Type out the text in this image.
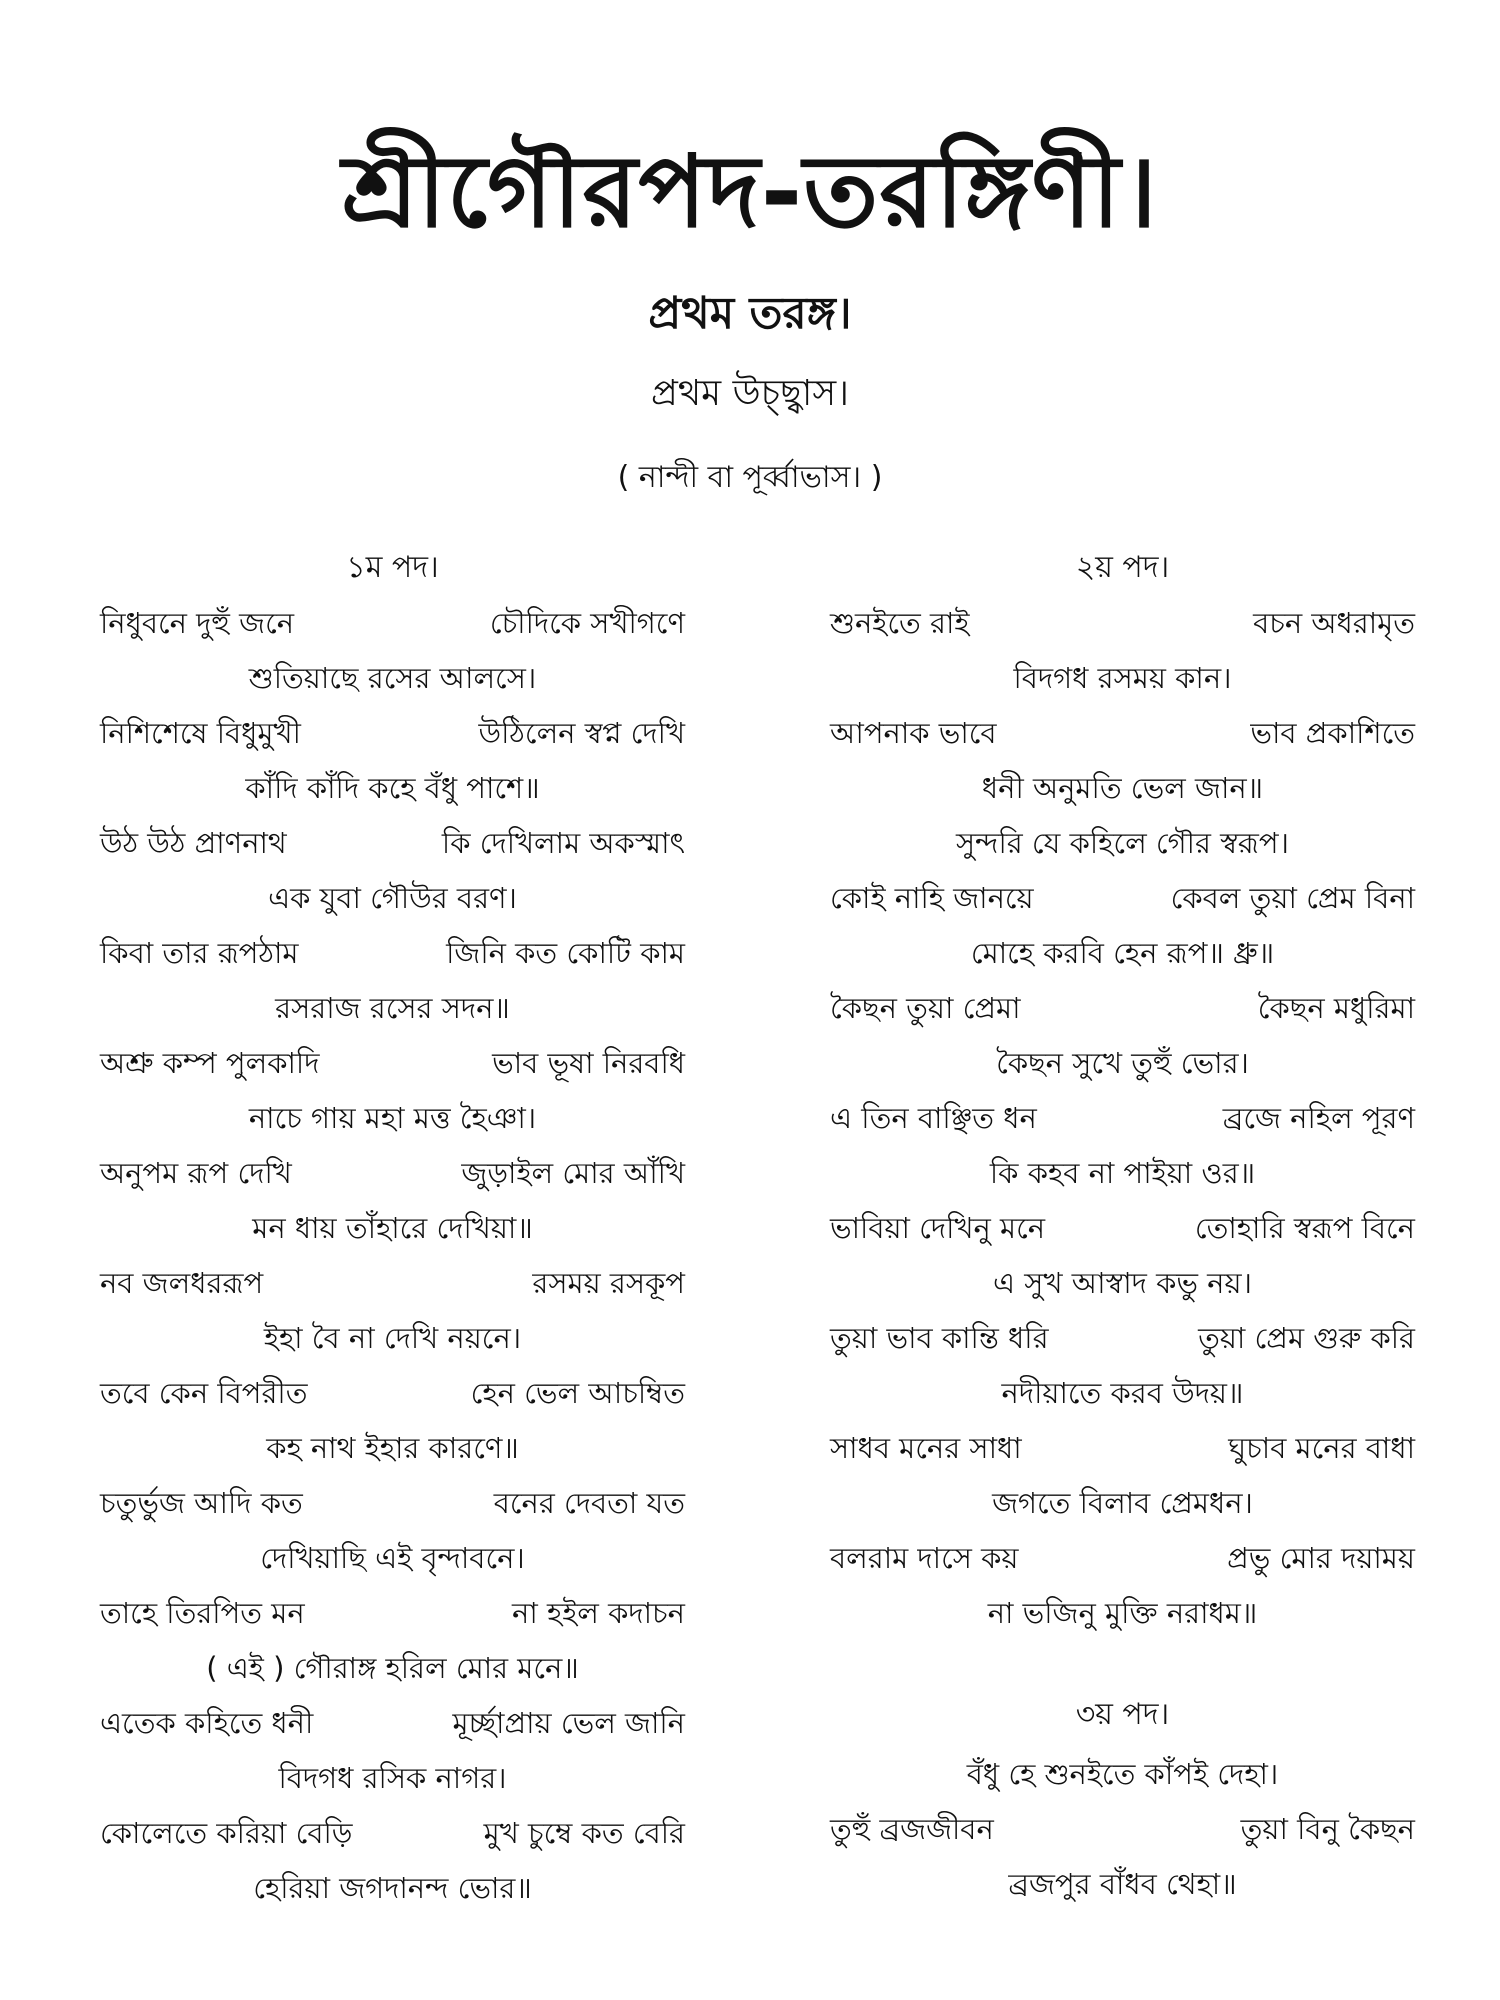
শ্রীগৌরপদ-তরঙ্গিণী।
প্রথম তরঙ্গ।
প্রথম উচ্ছ্বাস।
( নান্দী বা পূর্ব্বাভাস। )
১ম পদ।
নিধুবনে দুহুঁ জনে	চৌদিকে সখীগণে
শুতিয়াছে রসের আলসে।
নিশিশেষে বিধুমুখী	উঠিলেন স্বপ্ন দেখি
কাঁদি কাঁদি কহে বঁধু পাশে॥
উঠ উঠ প্রাণনাথ	কি দেখিলাম অকস্মাৎ
এক যুবা গৌউর বরণ।
কিবা তার রূপঠাম	জিনি কত কোটি কাম
রসরাজ রসের সদন॥
অশ্রু কম্প পুলকাদি	ভাব ভূষা নিরবধি
নাচে গায় মহা মত্ত হৈঞা।
অনুপম রূপ দেখি	জুড়াইল মোর আঁখি
মন ধায় তাঁহারে দেখিয়া॥
নব জলধররূপ	রসময় রসকূপ
ইহা বৈ না দেখি নয়নে।
তবে কেন বিপরীত	হেন ভেল আচম্বিত
কহ নাথ ইহার কারণে॥
চতুর্ভুজ আদি কত	বনের দেবতা যত
দেখিয়াছি এই বৃন্দাবনে।
তাহে তিরপিত মন	না হইল কদাচন
( এই ) গৌরাঙ্গ হরিল মোর মনে॥
এতেক কহিতে ধনী	মূর্চ্ছাপ্রায় ভেল জানি
বিদগধ রসিক নাগর।
কোলেতে করিয়া বেড়ি	মুখ চুম্বে কত বেরি
হেরিয়া জগদানন্দ ভোর॥
২য় পদ।
শুনইতে রাই	বচন অধরামৃত
বিদগধ রসময় কান।
আপনাক ভাবে	ভাব প্রকাশিতে
ধনী অনুমতি ভেল জান॥
সুন্দরি যে কহিলে গৌর স্বরূপ।
কোই নাহি জানয়ে	কেবল তুয়া প্রেম বিনা
মোহে করবি হেন রূপ॥ ধ্রু॥
কৈছন তুয়া প্রেমা	কৈছন মধুরিমা
কৈছন সুখে তুহুঁ ভোর।
এ তিন বাঞ্ছিত ধন	ব্রজে নহিল পূরণ
কি কহব না পাইয়া ওর॥
ভাবিয়া দেখিনু মনে	তোহারি স্বরূপ বিনে
এ সুখ আস্বাদ কভু নয়।
তুয়া ভাব কান্তি ধরি	তুয়া প্রেম গুরু করি
নদীয়াতে করব উদয়॥
সাধব মনের সাধা	ঘুচাব মনের বাধা
জগতে বিলাব প্রেমধন।
বলরাম দাসে কয়	প্রভু মোর দয়াময়
না ভজিনু মুক্তি নরাধম॥
৩য় পদ।
বঁধু হে শুনইতে কাঁপই দেহা।
তুহুঁ ব্রজজীবন	তুয়া বিনু কৈছন
ব্রজপুর বাঁধব থেহা॥
